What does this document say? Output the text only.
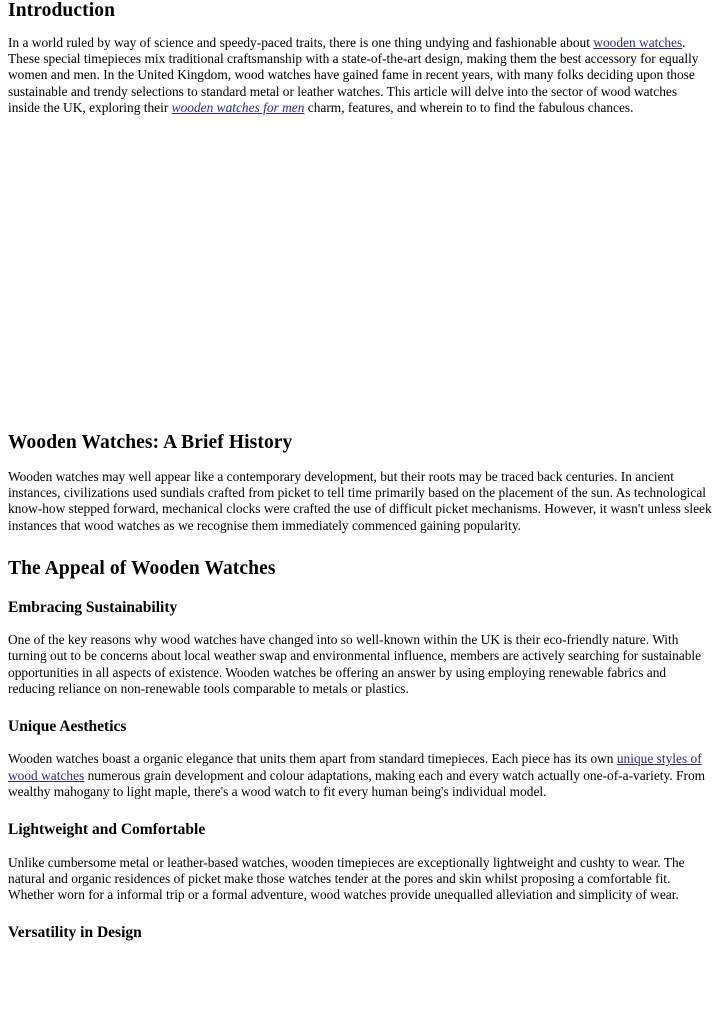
Introduction

In a world ruled by way of science and speedy-paced traits, there is one thing undying and fashionable about wooden watches. These special timepieces mix traditional craftsmanship with a state-of-the-art design, making them the best accessory for equally women and men. In the United Kingdom, wood watches have gained fame in recent years, with many folks deciding upon those sustainable and trendy selections to standard metal or leather watches. This article will delve into the sector of wood watches inside the UK, exploring their wooden watches for men charm, features, and wherein to to find the fabulous chances.

Wooden Watches: A Brief History

Wooden watches may well appear like a contemporary development, but their roots may be traced back centuries. In ancient instances, civilizations used sundials crafted from picket to tell time primarily based on the placement of the sun. As technological know-how stepped forward, mechanical clocks were crafted the use of difficult picket mechanisms. However, it wasn't unless sleek instances that wood watches as we recognise them immediately commenced gaining popularity.

The Appeal of Wooden Watches
Embracing Sustainability

One of the key reasons why wood watches have changed into so well-known within the UK is their eco-friendly nature. With turning out to be concerns about local weather swap and environmental influence, members are actively searching for sustainable opportunities in all aspects of existence. Wooden watches be offering an answer by using employing renewable fabrics and reducing reliance on non-renewable tools comparable to metals or plastics.

Unique Aesthetics

Wooden watches boast a organic elegance that units them apart from standard timepieces. Each piece has its own unique styles of wood watches numerous grain development and colour adaptations, making each and every watch actually one-of-a-variety. From wealthy mahogany to light maple, there's a wood watch to fit every human being's individual model.

Lightweight and Comfortable

Unlike cumbersome metal or leather-based watches, wooden timepieces are exceptionally lightweight and cushty to wear. The natural and organic residences of picket make those watches tender at the pores and skin whilst proposing a comfortable fit. Whether worn for a informal trip or a formal adventure, wood watches provide unequalled alleviation and simplicity of wear.

Versatility in Design
